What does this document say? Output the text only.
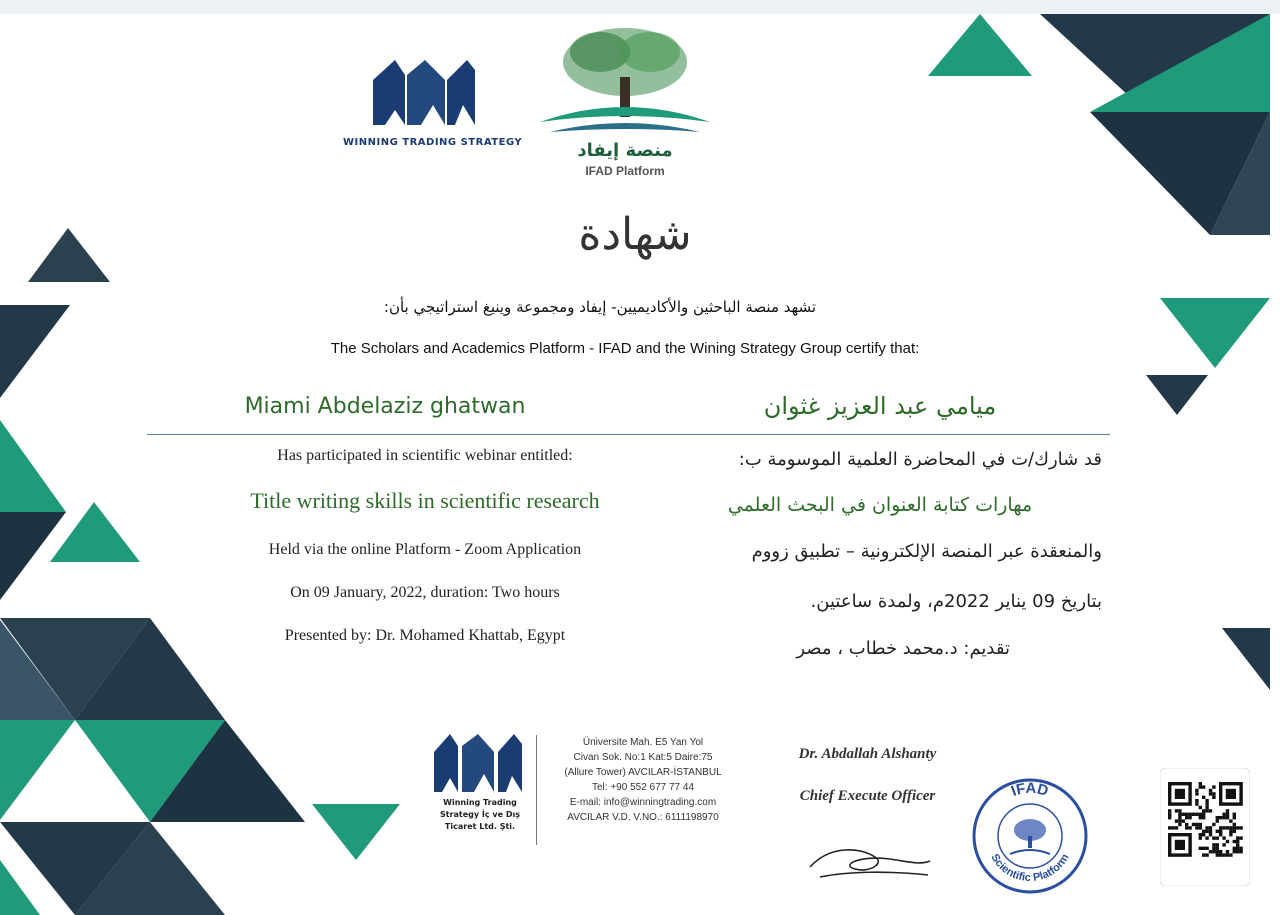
WINNING TRADING STRATEGY	منصة إيفاد
IFAD Platform
شهادة
تشهد منصة الباحثين والأكاديميين- إيفاد ومجموعة وينيغ استراتيجي بأن:
The Scholars and Academics Platform - IFAD and the Wining Strategy Group certify that:
Miami Abdelaziz ghatwan	ميامي عبد العزيز غثوان
Has participated in scientific webinar entitled:	قد شارك/ت في المحاضرة العلمية الموسومة ب:
Title writing skills in scientific research	مهارات كتابة العنوان في البحث العلمي
Held via the online Platform - Zoom Application	والمنعقدة عبر المنصة الإلكترونية – تطبيق زووم
On 09 January, 2022, duration: Two hours	بتاريخ 09 يناير 2022م، ولمدة ساعتين.
Presented by: Dr. Mohamed Khattab, Egypt
تقديم: د.محمد خطاب ، مصر
Winning Trading
Strategy İç ve Dış
Ticaret Ltd. Şti.
Üniversite Mah. E5 Yan Yol
Civan Sok. No:1 Kat:5 Daire:75
(Allure Tower) AVCILAR-İSTANBUL
Tel: +90 552 677 77 44
E-mail: info@winningtrading.com
AVCILAR V.D. V.NO.: 6111198970
Dr. Abdallah Alshanty
Chief Execute Officer	IFAD
Scientific Platform
